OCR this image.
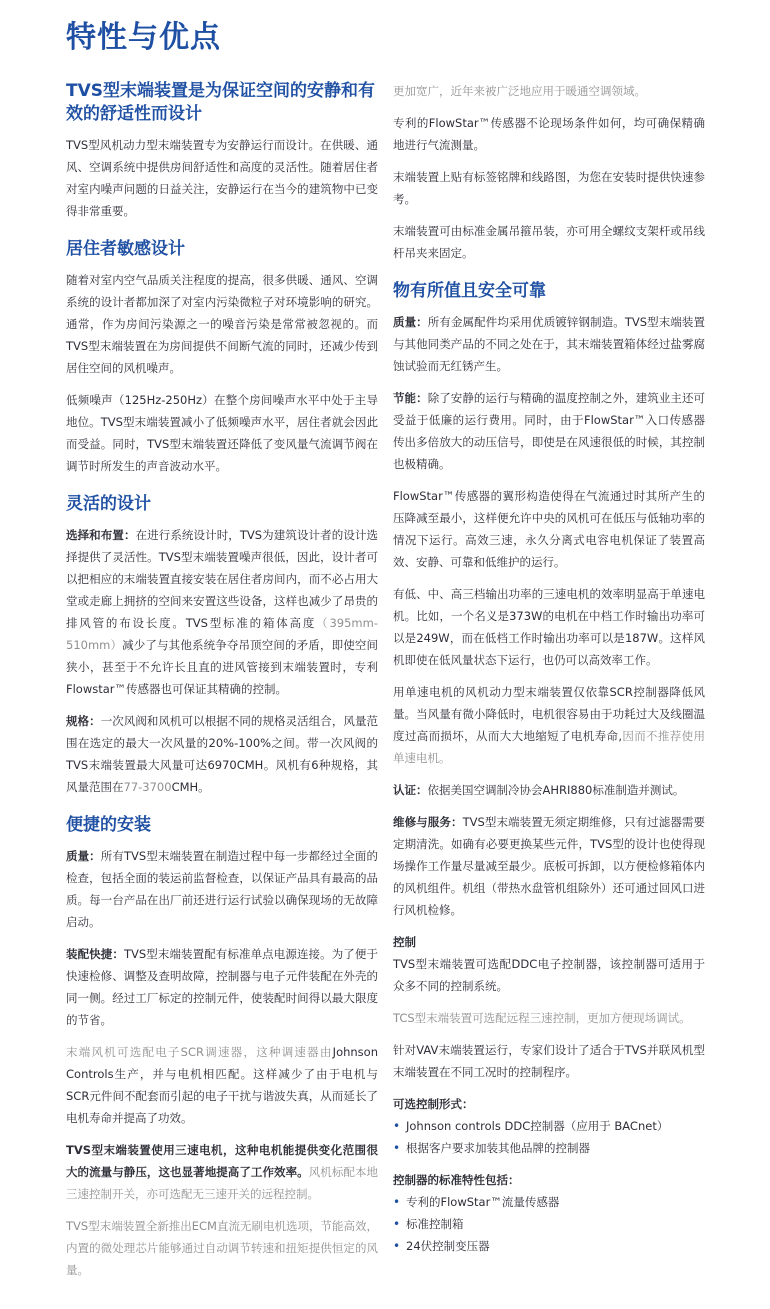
特性与优点
TVS型末端装置是为保证空间的安静和有效的舒适性而设计

TVS型风机动力型末端装置专为安静运行而设计。在供暖、通风、空调系统中提供房间舒适性和高度的灵活性。随着居住者对室内噪声问题的日益关注，安静运行在当今的建筑物中已变得非常重要。

居住者敏感设计

随着对室内空气品质关注程度的提高，很多供暖、通风、空调系统的设计者都加深了对室内污染微粒子对环境影响的研究。通常，作为房间污染源之一的噪音污染是常常被忽视的。而TVS型末端装置在为房间提供不间断气流的同时，还减少传到居住空间的风机噪声。

低频噪声（125Hz-250Hz）在整个房间噪声水平中处于主导地位。TVS型末端装置减小了低频噪声水平，居住者就会因此而受益。同时，TVS型末端装置还降低了变风量气流调节阀在调节时所发生的声音波动水平。

灵活的设计

选择和布置：在进行系统设计时，TVS为建筑设计者的设计选择提供了灵活性。TVS型末端装置噪声很低，因此，设计者可以把相应的末端装置直接安装在居住者房间内，而不必占用大堂或走廊上拥挤的空间来安置这些设备，这样也减少了昂贵的排风管的布设长度。TVS型标准的箱体高度（395mm-510mm）减少了与其他系统争夺吊顶空间的矛盾，即使空间狭小，甚至于不允许长且直的进风管接到末端装置时，专利 Flowstar™传感器也可保证其精确的控制。

规格：一次风阀和风机可以根据不同的规格灵活组合，风量范围在选定的最大一次风量的20%-100%之间。带一次风阀的TVS末端装置最大风量可达6970CMH。风机有6种规格，其风量范围在77-3700CMH。

便捷的安装

质量：所有TVS型末端装置在制造过程中每一步都经过全面的检查，包括全面的装运前监督检查，以保证产品具有最高的品质。每一台产品在出厂前还进行运行试验以确保现场的无故障启动。

装配快捷：TVS型末端装置配有标准单点电源连接。为了便于快速检修、调整及查明故障，控制器与电子元件装配在外壳的同一侧。经过工厂标定的控制元件，使装配时间得以最大限度的节省。

末端风机可选配电子SCR调速器，这种调速器由Johnson Controls生产，并与电机相匹配。这样减少了由于电机与SCR元件间不配套而引起的电子干扰与谐波失真，从而延长了电机寿命并提高了功效。

TVS型末端装置使用三速电机，这种电机能提供变化范围很大的流量与静压，这也显著地提高了工作效率。风机标配本地三速控制开关，亦可选配无三速开关的远程控制。

TVS型末端装置全新推出ECM直流无刷电机选项，节能高效，内置的微处理芯片能够通过自动调节转速和扭矩提供恒定的风量。

更加宽广，近年来被广泛地应用于暖通空调领域。

专利的FlowStar™传感器不论现场条件如何，均可确保精确地进行气流测量。

末端装置上贴有标签铭牌和线路图，为您在安装时提供快速参考。

末端装置可由标准金属吊箍吊装，亦可用全螺纹支架杆或吊线杆吊夹来固定。

物有所值且安全可靠

质量：所有金属配件均采用优质镀锌钢制造。TVS型末端装置与其他同类产品的不同之处在于，其末端装置箱体经过盐雾腐蚀试验而无红锈产生。

节能：除了安静的运行与精确的温度控制之外，建筑业主还可受益于低廉的运行费用。同时，由于FlowStar™入口传感器传出多倍放大的动压信号，即使是在风速很低的时候，其控制也极精确。

FlowStar™传感器的翼形构造使得在气流通过时其所产生的压降减至最小，这样便允许中央的风机可在低压与低轴功率的情况下运行。高效三速，永久分离式电容电机保证了装置高效、安静、可靠和低维护的运行。

有低、中、高三档输出功率的三速电机的效率明显高于单速电机。比如，一个名义是373W的电机在中档工作时输出功率可以是249W，而在低档工作时输出功率可以是187W。这样风机即使在低风量状态下运行，也仍可以高效率工作。

用单速电机的风机动力型末端装置仅依靠SCR控制器降低风量。当风量有微小降低时，电机很容易由于功耗过大及线圈温度过高而损坏，从而大大地缩短了电机寿命,因而不推荐使用单速电机。

认证：依据美国空调制冷协会AHRI880标准制造并测试。

维修与服务：TVS型末端装置无须定期维修，只有过滤器需要定期清洗。如确有必要更换某些元件，TVS型的设计也使得现场操作工作量尽量减至最少。底板可拆卸，以方便检修箱体内的风机组件。机组（带热水盘管机组除外）还可通过回风口进行风机检修。

控制

TVS型末端装置可选配DDC电子控制器，该控制器可适用于众多不同的控制系统。

TCS型末端装置可选配远程三速控制，更加方便现场调试。

针对VAV末端装置运行，专家们设计了适合于TVS并联风机型末端装置在不同工况时的控制程序。

可选控制形式：

• Johnson controls DDC控制器（应用于 BACnet）
• 根据客户要求加装其他品牌的控制器

控制器的标准特性包括：

• 专利的FlowStar™流量传感器
• 标准控制箱
• 24伏控制变压器
